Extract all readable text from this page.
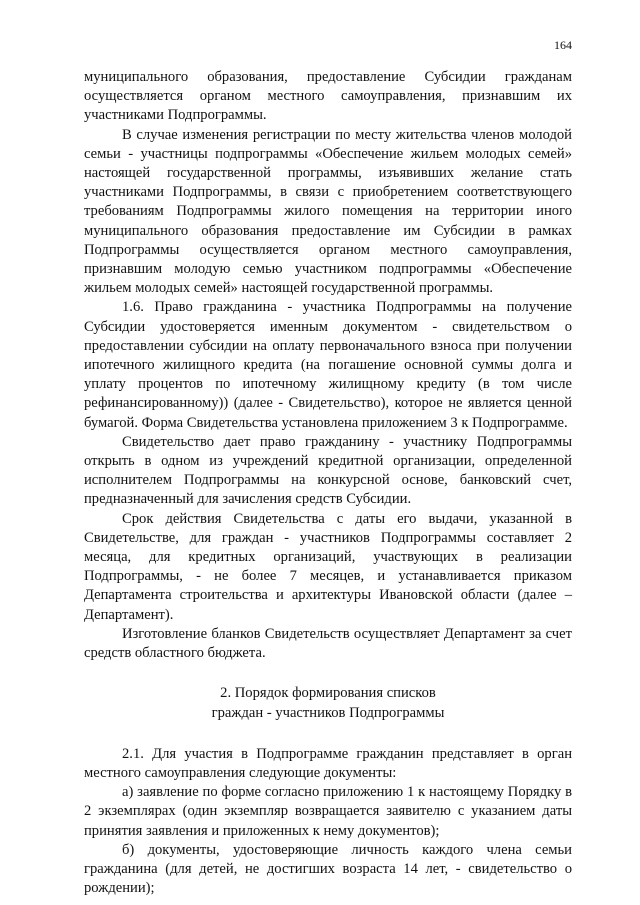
164

муниципального образования, предоставление Субсидии гражданам осуществляется органом местного самоуправления, признавшим их участниками Подпрограммы.

В случае изменения регистрации по месту жительства членов молодой семьи - участницы подпрограммы «Обеспечение жильем молодых семей» настоящей государственной программы, изъявивших желание стать участниками Подпрограммы, в связи с приобретением соответствующего требованиям Подпрограммы жилого помещения на территории иного муниципального образования предоставление им Субсидии в рамках Подпрограммы осуществляется органом местного самоуправления, признавшим молодую семью участником подпрограммы «Обеспечение жильем молодых семей» настоящей государственной программы.

1.6. Право гражданина - участника Подпрограммы на получение Субсидии удостоверяется именным документом - свидетельством о предоставлении субсидии на оплату первоначального взноса при получении ипотечного жилищного кредита (на погашение основной суммы долга и уплату процентов по ипотечному жилищному кредиту (в том числе рефинансированному)) (далее - Свидетельство), которое не является ценной бумагой. Форма Свидетельства установлена приложением 3 к Подпрограмме.

Свидетельство дает право гражданину - участнику Подпрограммы открыть в одном из учреждений кредитной организации, определенной исполнителем Подпрограммы на конкурсной основе, банковский счет, предназначенный для зачисления средств Субсидии.

Срок действия Свидетельства с даты его выдачи, указанной в Свидетельстве, для граждан - участников Подпрограммы составляет 2 месяца, для кредитных организаций, участвующих в реализации Подпрограммы, - не более 7 месяцев, и устанавливается приказом Департамента строительства и архитектуры Ивановской области (далее – Департамент).

Изготовление бланков Свидетельств осуществляет Департамент за счет средств областного бюджета.

2. Порядок формирования списков
граждан - участников Подпрограммы

2.1. Для участия в Подпрограмме гражданин представляет в орган местного самоуправления следующие документы:

а) заявление по форме согласно приложению 1 к настоящему Порядку в 2 экземплярах (один экземпляр возвращается заявителю с указанием даты принятия заявления и приложенных к нему документов);

б) документы, удостоверяющие личность каждого члена семьи гражданина (для детей, не достигших возраста 14 лет, - свидетельство о рождении);
